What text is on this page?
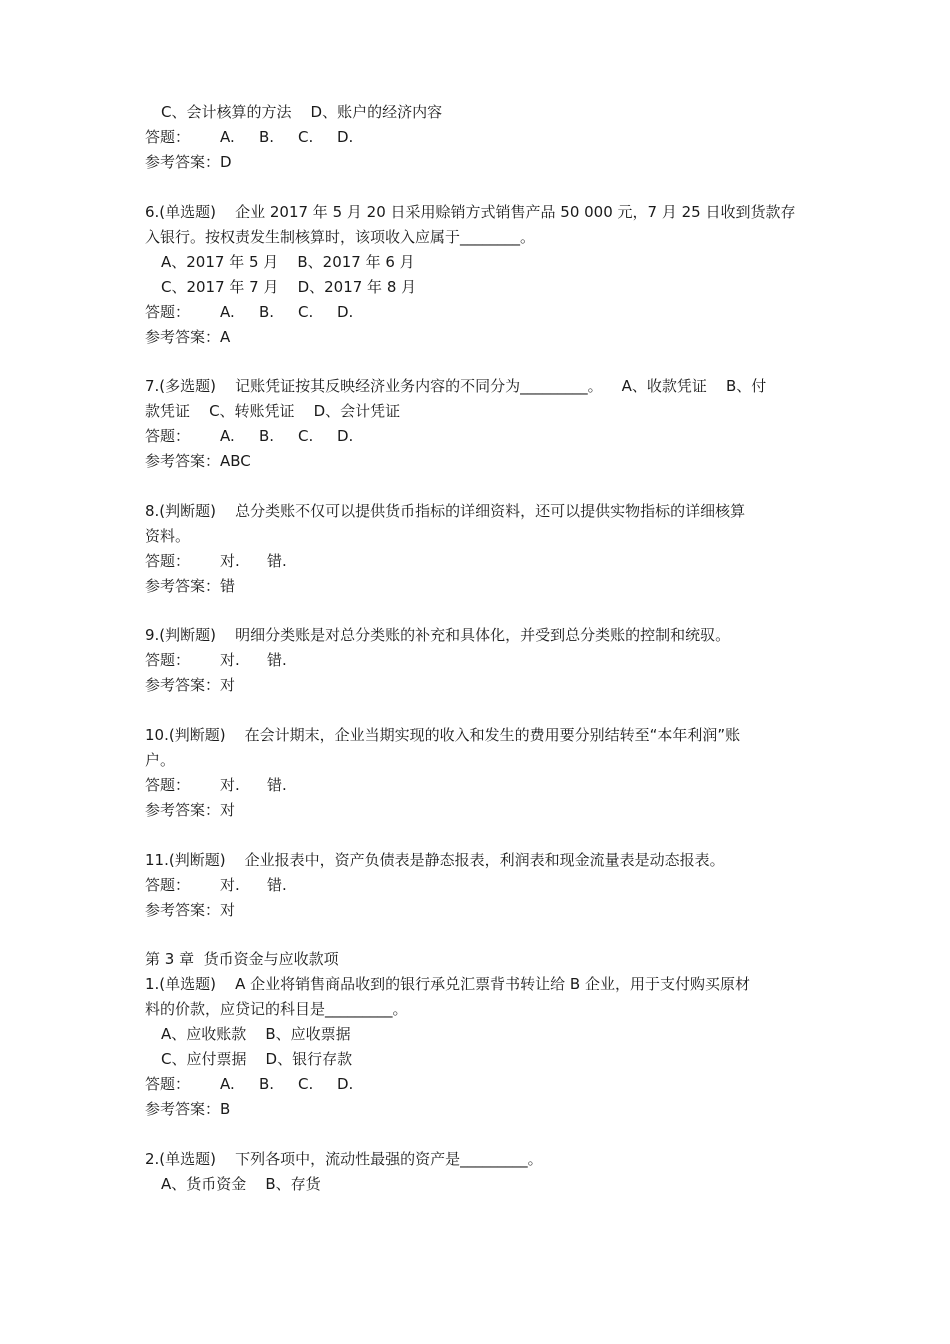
C、会计核算的方法    D、账户的经济内容
答题：	A.	B.	C.	D.
参考答案：D
6.(单选题)    企业 2017 年 5 月 20 日采用赊销方式销售产品 50 000 元，7 月 25 日收到货款存
入银行。按权责发生制核算时，该项收入应属于________。
A、2017 年 5 月    B、2017 年 6 月
C、2017 年 7 月    D、2017 年 8 月
答题：	A.	B.	C.	D.
参考答案：A
7.(多选题)    记账凭证按其反映经济业务内容的不同分为_________。    A、收款凭证    B、付
款凭证    C、转账凭证    D、会计凭证
答题：	A.	B.	C.	D.
参考答案：ABC
8.(判断题)    总分类账不仅可以提供货币指标的详细资料，还可以提供实物指标的详细核算
资料。
答题：	对.	错.
参考答案：错
9.(判断题)    明细分类账是对总分类账的补充和具体化，并受到总分类账的控制和统驭。
答题：	对.	错.
参考答案：对
10.(判断题)    在会计期末，企业当期实现的收入和发生的费用要分别结转至“本年利润”账
户。
答题：	对.	错.
参考答案：对
11.(判断题)    企业报表中，资产负债表是静态报表，利润表和现金流量表是动态报表。
答题：	对.	错.
参考答案：对
第 3 章  货币资金与应收款项
1.(单选题)    A 企业将销售商品收到的银行承兑汇票背书转让给 B 企业，用于支付购买原材
料的价款，应贷记的科目是_________。
A、应收账款    B、应收票据
C、应付票据    D、银行存款
答题：	A.	B.	C.	D.
参考答案：B
2.(单选题)    下列各项中，流动性最强的资产是_________。
A、货币资金    B、存货
